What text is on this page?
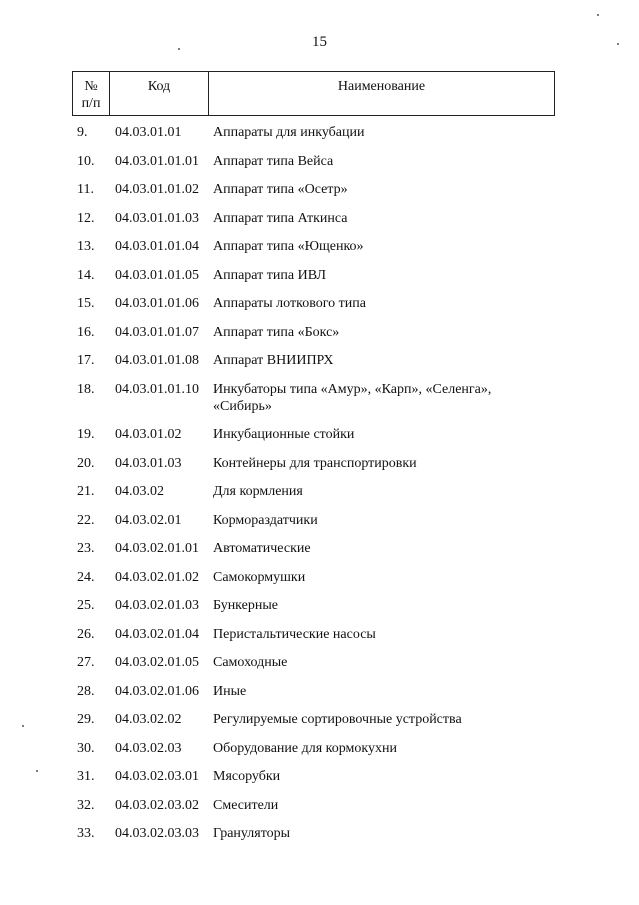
15
№
п/п
Код	Наименование
9. 04.03.01.01 Аппараты для инкубации
10. 04.03.01.01.01 Аппарат типа Вейса
11. 04.03.01.01.02 Аппарат типа «Осетр»
12. 04.03.01.01.03 Аппарат типа Аткинса
13. 04.03.01.01.04 Аппарат типа «Ющенко»
14. 04.03.01.01.05 Аппарат типа ИВЛ
15. 04.03.01.01.06 Аппараты лоткового типа
16. 04.03.01.01.07 Аппарат типа «Бокс»
17. 04.03.01.01.08 Аппарат ВНИИПРХ
18. 04.03.01.01.10 Инкубаторы типа «Амур», «Карп», «Селенга», «Сибирь»
19. 04.03.01.02 Инкубационные стойки
20. 04.03.01.03 Контейнеры для транспортировки
21. 04.03.02	Для кормления
22. 04.03.02.01 Кормораздатчики
23. 04.03.02.01.01 Автоматические
24. 04.03.02.01.02 Самокормушки
25. 04.03.02.01.03 Бункерные
26. 04.03.02.01.04 Перистальтические насосы
27. 04.03.02.01.05 Самоходные
28. 04.03.02.01.06 Иные
29. 04.03.02.02 Регулируемые сортировочные устройства
30. 04.03.02.03 Оборудование для кормокухни
31. 04.03.02.03.01 Мясорубки
32. 04.03.02.03.02 Смесители
33. 04.03.02.03.03 Грануляторы
